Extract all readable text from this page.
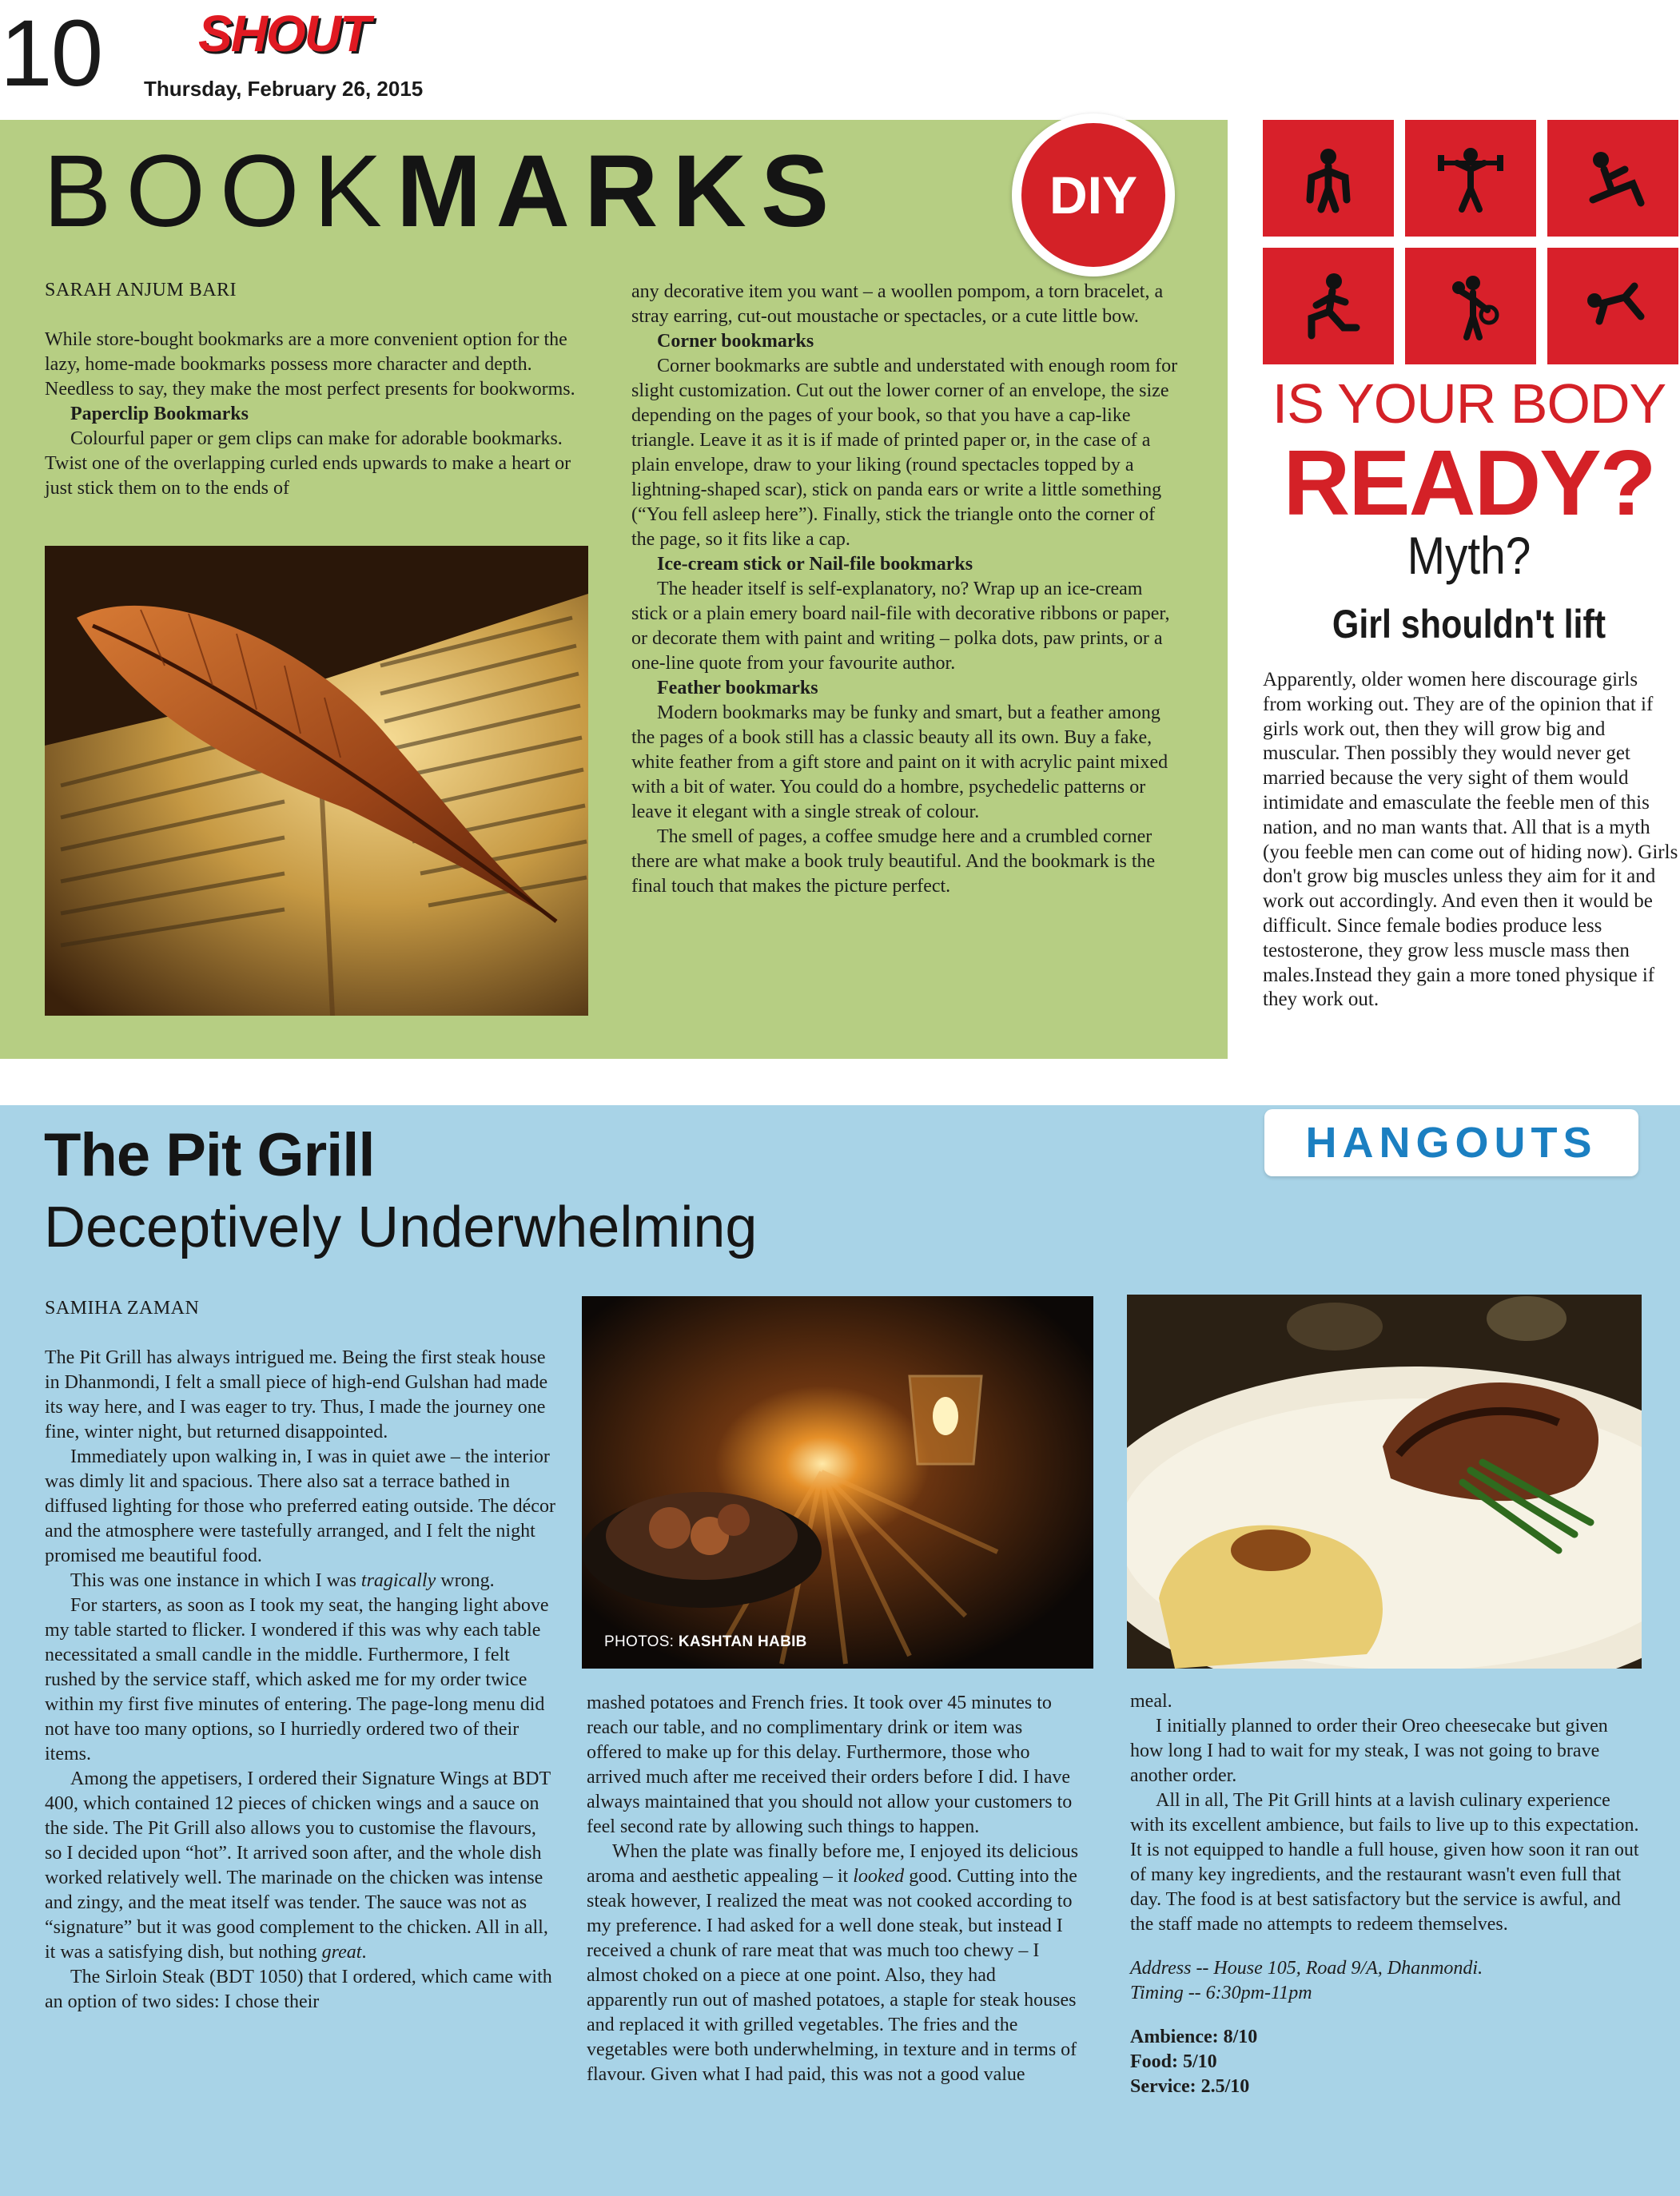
10 SHOUT
Thursday, February 26, 2015
BOOKMARKS	DIY
SARAH ANJUM BARI

While store-bought bookmarks are a more convenient option for the lazy, home-made bookmarks possess more character and depth. Needless to say, they make the most perfect presents for bookworms.

Paperclip Bookmarks

Colourful paper or gem clips can make for adorable bookmarks. Twist one of the overlapping curled ends upwards to make a heart or just stick them on to the ends of

any decorative item you want – a woollen pompom, a torn bracelet, a stray earring, cut-out moustache or spectacles, or a cute little bow.

Corner bookmarks

Corner bookmarks are subtle and understated with enough room for slight customization. Cut out the lower corner of an envelope, the size depending on the pages of your book, so that you have a cap-like triangle. Leave it as it is if made of printed paper or, in the case of a plain envelope, draw to your liking (round spectacles topped by a lightning-shaped scar), stick on panda ears or write a little something

(“You fell asleep here”). Finally, stick the triangle onto the corner of the page, so it fits like a cap.

Ice-cream stick or Nail-file bookmarks

The header itself is self-explanatory, no? Wrap up an ice-cream stick or a plain emery board nail-file with decorative ribbons or paper, or decorate them with paint and writing – polka dots, paw prints, or a one-line quote from your favourite author.

Feather bookmarks

Modern bookmarks may be funky and smart, but a feather among the pages of a book still has a classic beauty all its own. Buy a fake, white feather from a gift store and paint on it with acrylic paint mixed with a bit of water. You could do a hombre, psychedelic patterns or leave it elegant with a single streak of colour.

The smell of pages, a coffee smudge here and a crumbled corner there are what make a book truly beautiful. And the bookmark is the final touch that makes the picture perfect.

IS YOUR BODY
READY?
Myth?
Girl shouldn't lift

Apparently, older women here discourage girls from working out. They are of the opinion that if girls work out, then they will grow big and muscular. Then possibly they would never get married because the very sight of them would intimidate and emasculate the feeble men of this nation, and no man wants that. All that is a myth (you feeble men can come out of hiding now). Girls don't grow big muscles unless they aim for it and work out accordingly. And even then it would be difficult. Since female bodies produce less testosterone, they grow less muscle mass then males.Instead they gain a more toned physique if they work out.

HANGOUTS
The Pit Grill
Deceptively Underwhelming
SAMIHA ZAMAN

The Pit Grill has always intrigued me. Being the first steak house in Dhanmondi, I felt a small piece of high-end Gulshan had made its way here, and I was eager to try. Thus, I made the journey one fine, winter night, but returned disappointed.

Immediately upon walking in, I was in quiet awe – the interior was dimly lit and spacious. There also sat a terrace bathed in diffused lighting for those who preferred eating outside. The décor and the atmosphere were tastefully arranged, and I felt the night promised me beautiful food.

This was one instance in which I was tragically wrong.

For starters, as soon as I took my seat, the hanging light above my table started to flicker. I wondered if this was why each table necessitated a small candle in the middle. Furthermore, I felt rushed by the service staff, which asked me for my order twice within my first five minutes of entering. The page-long menu did not have too many options, so I hurriedly ordered two of their items.

Among the appetisers, I ordered their Signature Wings at BDT 400, which contained 12 pieces of chicken wings and a sauce on the side. The Pit Grill also allows you to customise the flavours, so I decided upon “hot”. It arrived soon after, and the whole dish worked relatively well. The marinade on the chicken was intense and zingy, and the meat itself was tender. The sauce was not as “signature” but it was good complement to the chicken. All in all, it was a satisfying dish, but nothing great.

The Sirloin Steak (BDT 1050) that I ordered, which came with an option of two sides: I chose their

PHOTOS: KASHTAN HABIB

mashed potatoes and French fries. It took over 45 minutes to reach our table, and no complimentary drink or item was offered to make up for this delay. Furthermore, those who arrived much after me received their orders before I did. I have always maintained that you should not allow your customers to feel second rate by allowing such things to happen.

When the plate was finally before me, I enjoyed its delicious aroma and aesthetic appealing – it looked good. Cutting into the steak however, I realized the meat was not cooked according to my preference. I had asked for a well done steak, but instead I received a chunk of rare meat that was much too chewy – I almost choked on a piece at one point. Also, they had apparently run out of mashed potatoes, a staple for steak houses and replaced it with grilled vegetables. The fries and the vegetables were both underwhelming, in texture and in terms of flavour. Given what I had paid, this was not a good value

meal.

I initially planned to order their Oreo cheesecake but given how long I had to wait for my steak, I was not going to brave another order.

All in all, The Pit Grill hints at a lavish culinary experience with its excellent ambience, but fails to live up to this expectation. It is not equipped to handle a full house, given how soon it ran out of many key ingredients, and the restaurant wasn't even full that day. The food is at best satisfactory but the service is awful, and the staff made no attempts to redeem themselves.

Address -- House 105, Road 9/A, Dhanmondi.

Timing -- 6:30pm-11pm

Ambience: 8/10

Food: 5/10

Service: 2.5/10
